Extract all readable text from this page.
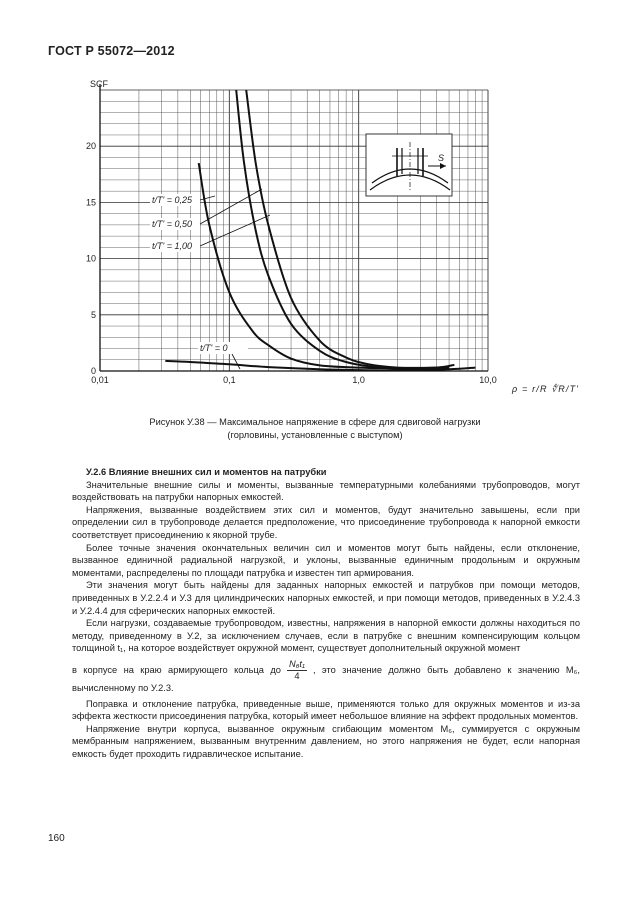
ГОСТ Р 55072—2012
0
5
10
15
20
0,01	0,1	1,0	10,0
SCF
ρ = r/R ∜R/T'
t/T' = 0,25
t/T' = 0,50
t/T' = 1,00
t/T' = 0
S
Рисунок У.38 — Максимальное напряжение в сфере для сдвиговой нагрузки
(горловины, установленные с выступом)
У.2.6 Влияние внешних сил и моментов на патрубки

Значительные внешние силы и моменты, вызванные температурными колебаниями трубопроводов, могут воздействовать на патрубки напорных емкостей.

Напряжения, вызванные воздействием этих сил и моментов, будут значительно завышены, если при определении сил в трубопроводе делается предположение, что присоединение трубопровода к напорной емкости соответствует присоединению к якорной трубе.

Более точные значения окончательных величин сил и моментов могут быть найдены, если отклонение, вызванное единичной радиальной нагрузкой, и уклоны, вызванные единичным продольным и окружным моментами, распределены по площади патрубка и известен тип армирования.

Эти значения могут быть найдены для заданных напорных емкостей и патрубков при помощи методов, приведенных в У.2.2.4 и У.3 для цилиндрических напорных емкостей, и при помощи методов, приведенных в У.2.4.3 и У.2.4.4 для сферических напорных емкостей.

Если нагрузки, создаваемые трубопроводом, известны, напряжения в напорной емкости должны находиться по методу, приведенному в У.2, за исключением случаев, если в патрубке с внешним компенсирующим кольцом толщиной t₁, на которое воздействует окружной момент, существует дополнительный окружной момент

в корпусе на краю армирующего кольца до $\frac{\text{N₆t₁}}{4}$ , это значение должно быть добавлено к значению M₆, вычисленному по У.2.3.

Поправка и отклонение патрубка, приведенные выше, применяются только для окружных моментов и из-за эффекта жесткости присоединения патрубка, который имеет небольшое влияние на эффект продольных моментов.

Напряжение внутри корпуса, вызванное окружным сгибающим моментом M₆, суммируется с окружным мембранным напряжением, вызванным внутренним давлением, но этого напряжения не будет, если напорная емкость будет проходить гидравлическое испытание.

160
